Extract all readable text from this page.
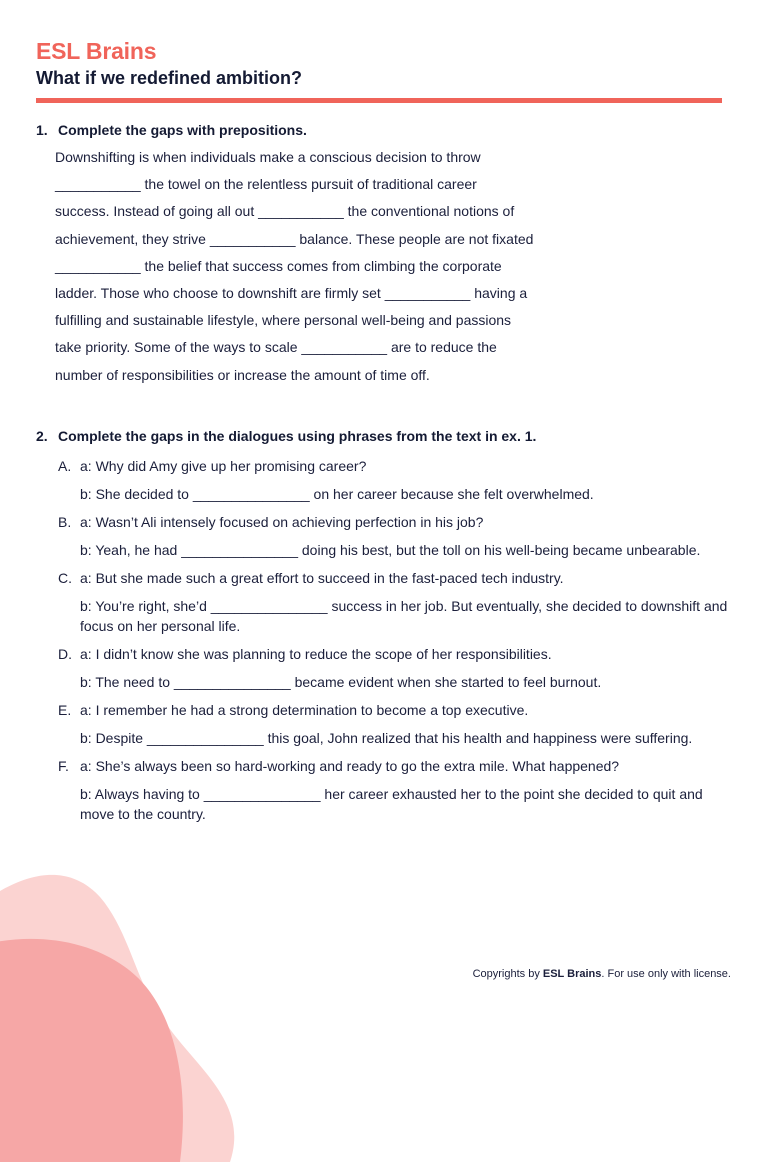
ESL Brains
What if we redefined ambition?
1. Complete the gaps with prepositions.
Downshifting is when individuals make a conscious decision to throw
___________ the towel on the relentless pursuit of traditional career
success. Instead of going all out ___________ the conventional notions of
achievement, they strive ___________ balance. These people are not fixated
___________ the belief that success comes from climbing the corporate
ladder. Those who choose to downshift are firmly set ___________ having a
fulfilling and sustainable lifestyle, where personal well-being and passions
take priority. Some of the ways to scale ___________ are to reduce the
number of responsibilities or increase the amount of time off.
2. Complete the gaps in the dialogues using phrases from the text in ex. 1.
A. a: Why did Amy give up her promising career?
b: She decided to _______________ on her career because she felt overwhelmed.
B. a: Wasn’t Ali intensely focused on achieving perfection in his job?
b: Yeah, he had _______________ doing his best, but the toll on his well-being became unbearable.
C. a: But she made such a great effort to succeed in the fast-paced tech industry.
b: You’re right, she’d _______________ success in her job. But eventually, she decided to downshift and focus on her personal life.
D. a: I didn’t know she was planning to reduce the scope of her responsibilities.
b: The need to _______________ became evident when she started to feel burnout.
E. a: I remember he had a strong determination to become a top executive.
b: Despite _______________ this goal, John realized that his health and happiness were suffering.
F. a: She’s always been so hard-working and ready to go the extra mile. What happened?
b: Always having to _______________ her career exhausted her to the point she decided to quit and move to the country.
Copyrights by ESL Brains. For use only with license.
